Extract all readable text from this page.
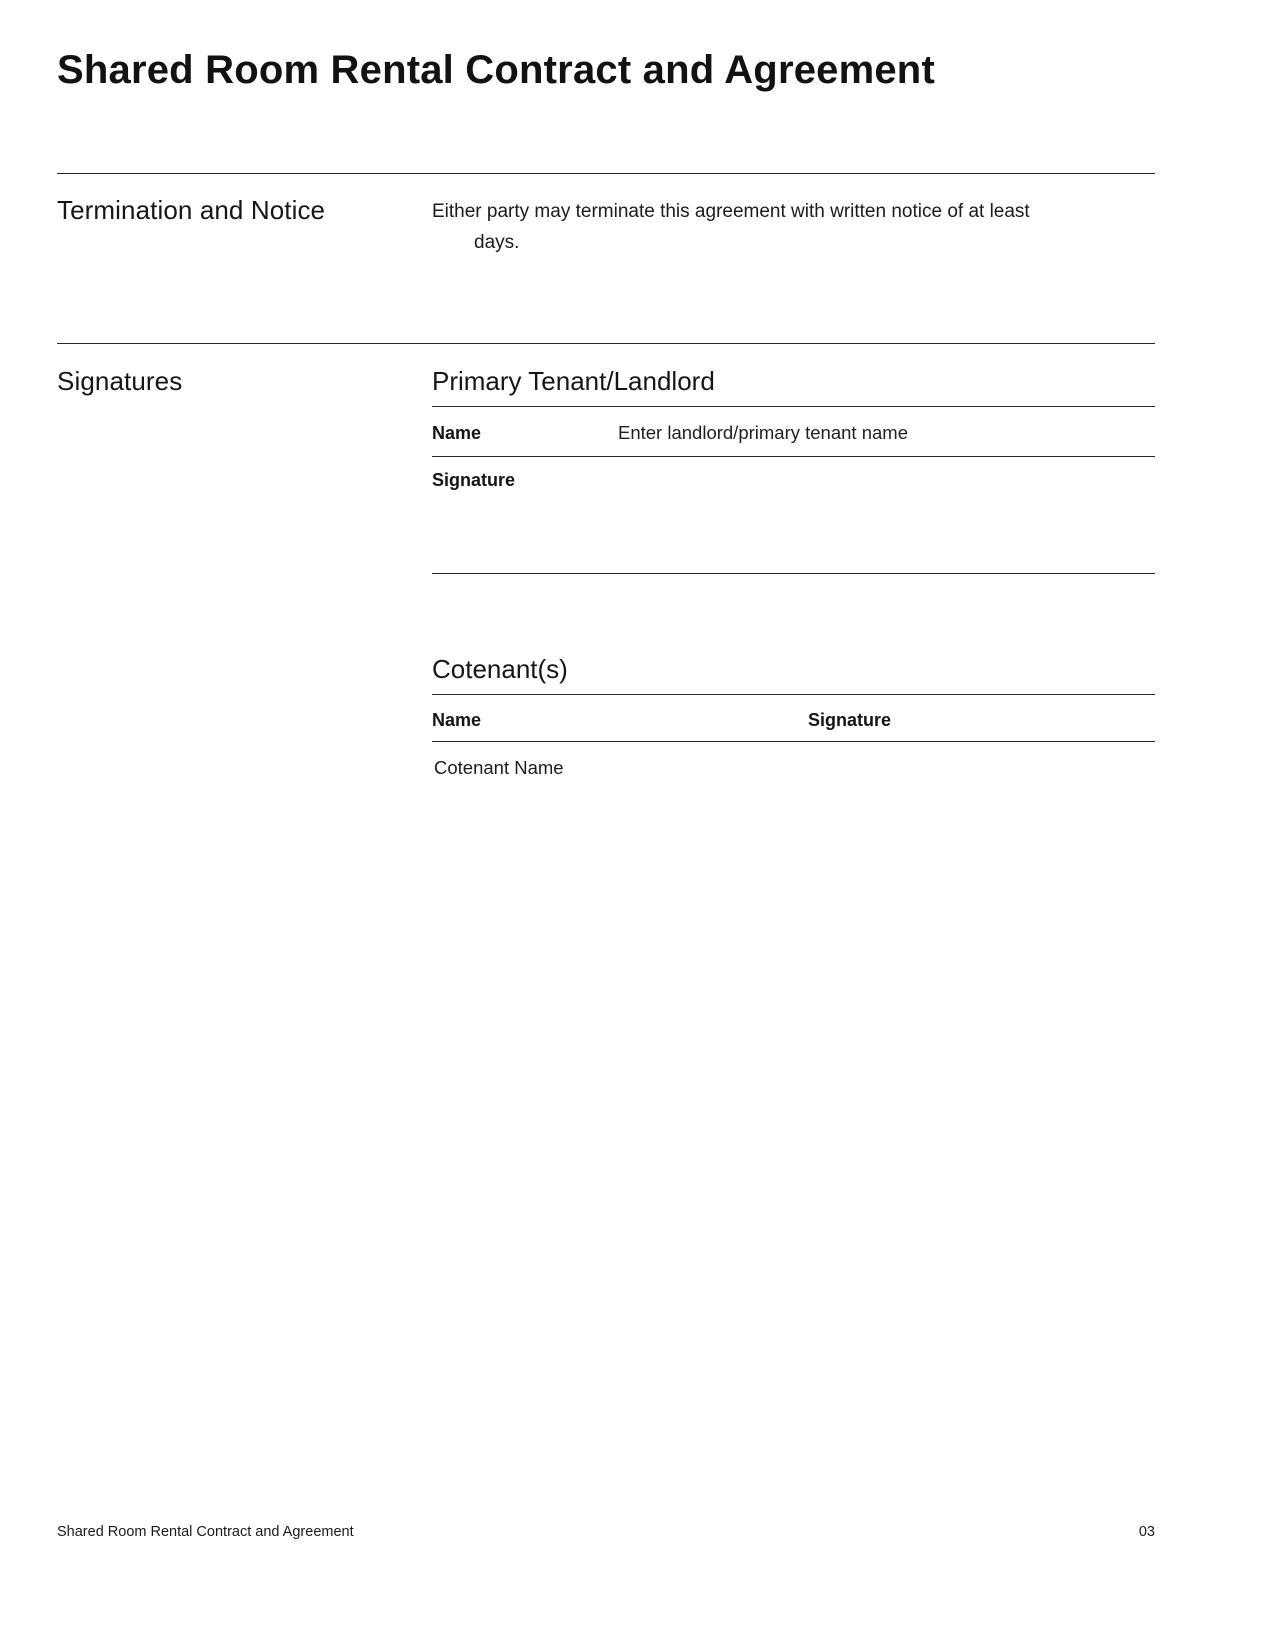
Shared Room Rental Contract and Agreement
Termination and Notice	Either party may terminate this agreement with written notice of at least
days.

Signatures	Primary Tenant/Landlord
Name	Enter landlord/primary tenant name
Signature
Cotenant(s)
Name	Signature
Cotenant Name
Shared Room Rental Contract and Agreement	03
